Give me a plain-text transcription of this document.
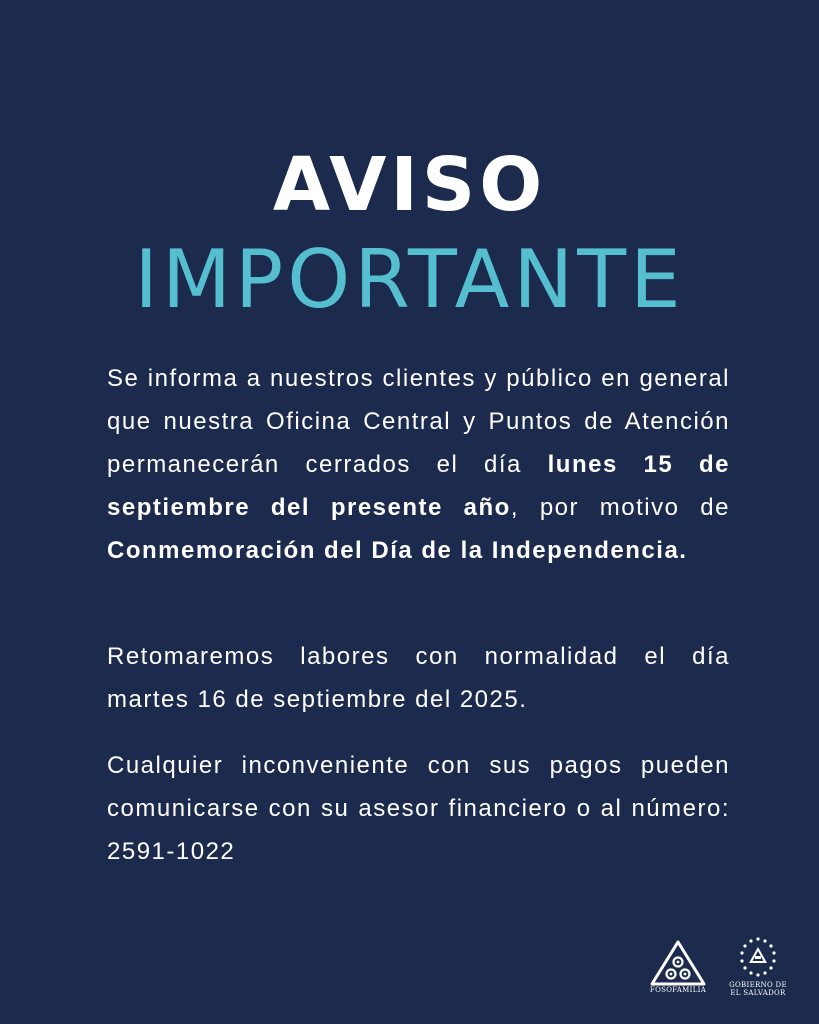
AVISO
IMPORTANTE
Se informa a nuestros clientes y público en general que nuestra Oficina Central y Puntos de Atención permanecerán cerrados el día lunes 15 de septiembre del presente año, por motivo de Conmemoración del Día de la Independencia.
Retomaremos labores con normalidad el día martes 16 de septiembre del 2025.
Cualquier inconveniente con sus pagos pueden comunicarse con su asesor financiero o al número: 2591-1022
FOSOFAMILIA
GOBIERNO DE
EL SALVADOR
